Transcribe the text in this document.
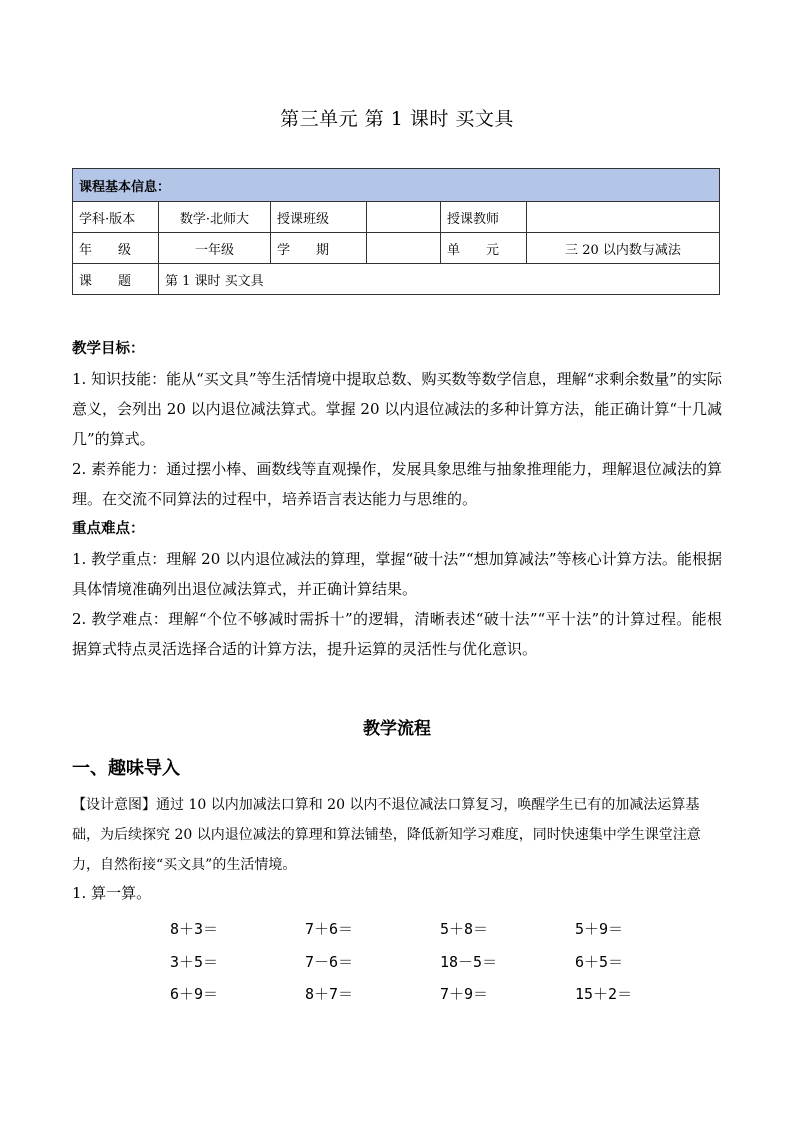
第三单元 第 1 课时 买文具
课程基本信息：					
学科·版本	数学·北师大	授课班级		授课教师	
年　　级	一年级	学　　期		单　　元	三 20 以内数与减法
课　　题	第 1 课时 买文具				

教学目标：

1. 知识技能：能从“买文具”等生活情境中提取总数、购买数等数学信息，理解“求剩余数量”的实际意义，会列出 20 以内退位减法算式。掌握 20 以内退位减法的多种计算方法，能正确计算“十几减几”的算式。

2. 素养能力：通过摆小棒、画数线等直观操作，发展具象思维与抽象推理能力，理解退位减法的算理。在交流不同算法的过程中，培养语言表达能力与思维的。

重点难点：

1. 教学重点：理解 20 以内退位减法的算理，掌握“破十法”“想加算减法”等核心计算方法。能根据具体情境准确列出退位减法算式，并正确计算结果。

2. 教学难点：理解“个位不够减时需拆十”的逻辑，清晰表述“破十法”“平十法”的计算过程。能根据算式特点灵活选择合适的计算方法，提升运算的灵活性与优化意识。

教学流程
一、趣味导入
【设计意图】通过 10 以内加减法口算和 20 以内不退位减法口算复习，唤醒学生已有的加减法运算基础，为后续探究 20 以内退位减法的算理和算法铺垫，降低新知学习难度，同时快速集中学生课堂注意力，自然衔接“买文具”的生活情境。
1. 算一算。
8＋3＝	7＋6＝	5＋8＝	5＋9＝
3＋5＝	7－6＝	18－5＝	6＋5＝
6＋9＝	8＋7＝	7＋9＝	15＋2＝
